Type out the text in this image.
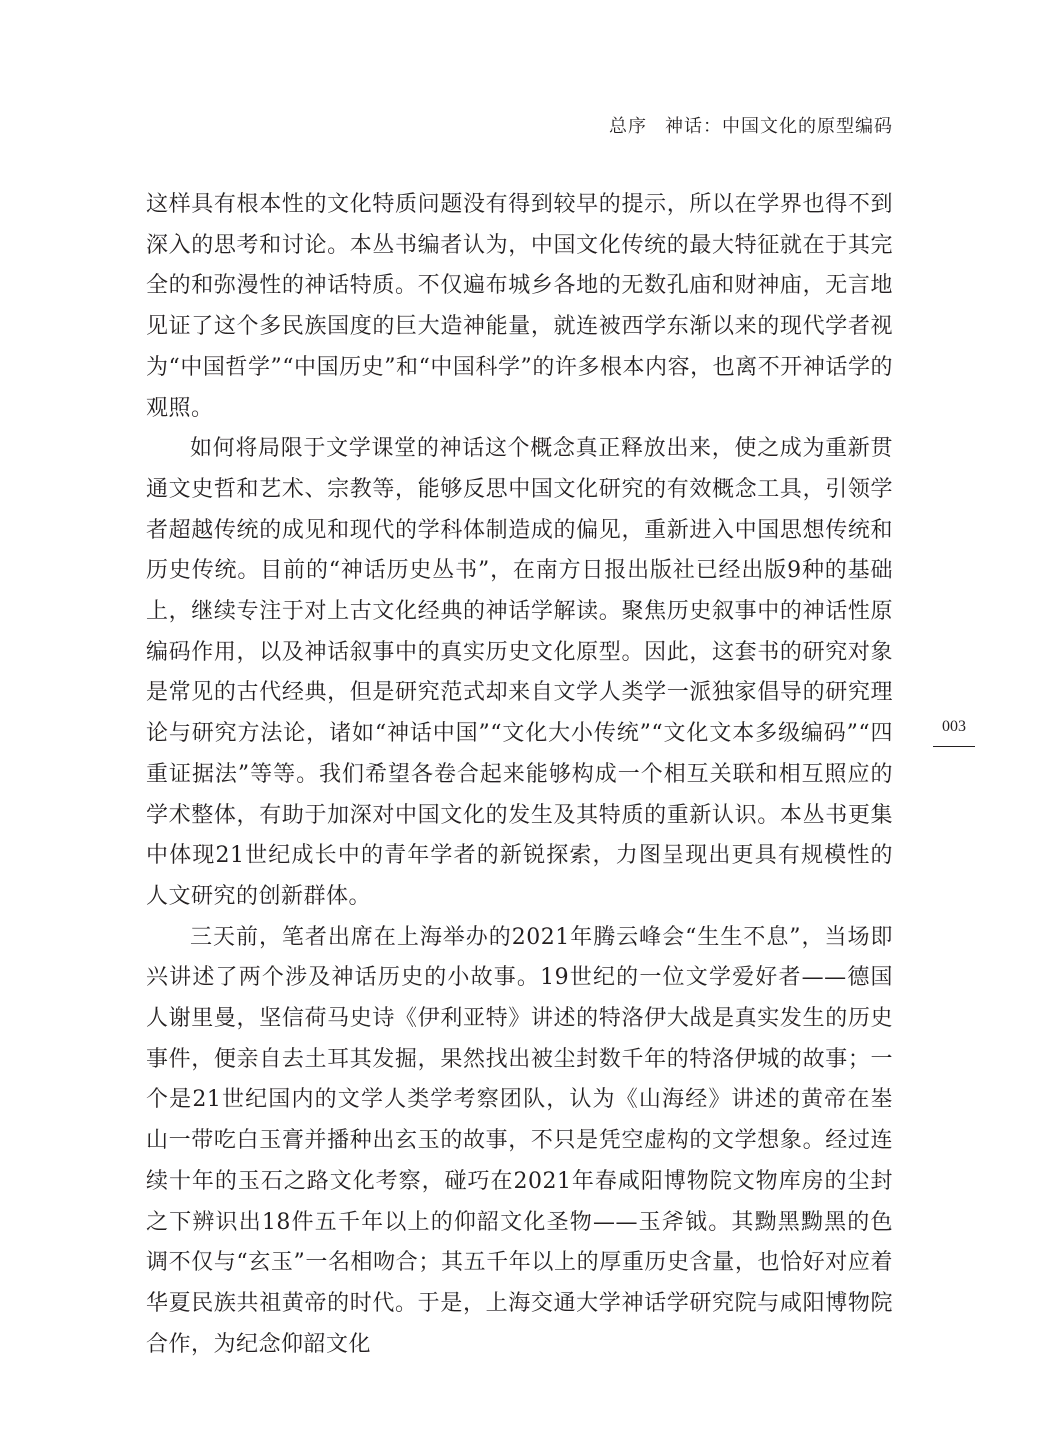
总序 神话：中国文化的原型编码

这样具有根本性的文化特质问题没有得到较早的提示，所以在学界也得不到深入的思考和讨论。本丛书编者认为，中国文化传统的最大特征就在于其完全的和弥漫性的神话特质。不仅遍布城乡各地的无数孔庙和财神庙，无言地见证了这个多民族国度的巨大造神能量，就连被西学东渐以来的现代学者视为“中国哲学”“中国历史”和“中国科学”的许多根本内容，也离不开神话学的观照。

如何将局限于文学课堂的神话这个概念真正释放出来，使之成为重新贯通文史哲和艺术、宗教等，能够反思中国文化研究的有效概念工具，引领学者超越传统的成见和现代的学科体制造成的偏见，重新进入中国思想传统和历史传统。目前的“神话历史丛书”，在南方日报出版社已经出版9种的基础上，继续专注于对上古文化经典的神话学解读。聚焦历史叙事中的神话性原编码作用，以及神话叙事中的真实历史文化原型。因此，这套书的研究对象是常见的古代经典，但是研究范式却来自文学人类学一派独家倡导的研究理论与研究方法论，诸如“神话中国”“文化大小传统”“文化文本多级编码”“四重证据法”等等。我们希望各卷合起来能够构成一个相互关联和相互照应的学术整体，有助于加深对中国文化的发生及其特质的重新认识。本丛书更集中体现21世纪成长中的青年学者的新锐探索，力图呈现出更具有规模性的人文研究的创新群体。

三天前，笔者出席在上海举办的2021年腾云峰会“生生不息”，当场即兴讲述了两个涉及神话历史的小故事。19世纪的一位文学爱好者——德国人谢里曼，坚信荷马史诗《伊利亚特》讲述的特洛伊大战是真实发生的历史事件，便亲自去土耳其发掘，果然找出被尘封数千年的特洛伊城的故事；一个是21世纪国内的文学人类学考察团队，认为《山海经》讲述的黄帝在峚山一带吃白玉膏并播种出玄玉的故事，不只是凭空虚构的文学想象。经过连续十年的玉石之路文化考察，碰巧在2021年春咸阳博物院文物库房的尘封之下辨识出18件五千年以上的仰韶文化圣物——玉斧钺。其黝黑黝黑的色调不仅与“玄玉”一名相吻合；其五千年以上的厚重历史含量，也恰好对应着华夏民族共祖黄帝的时代。于是，上海交通大学神话学研究院与咸阳博物院合作，为纪念仰韶文化

003
